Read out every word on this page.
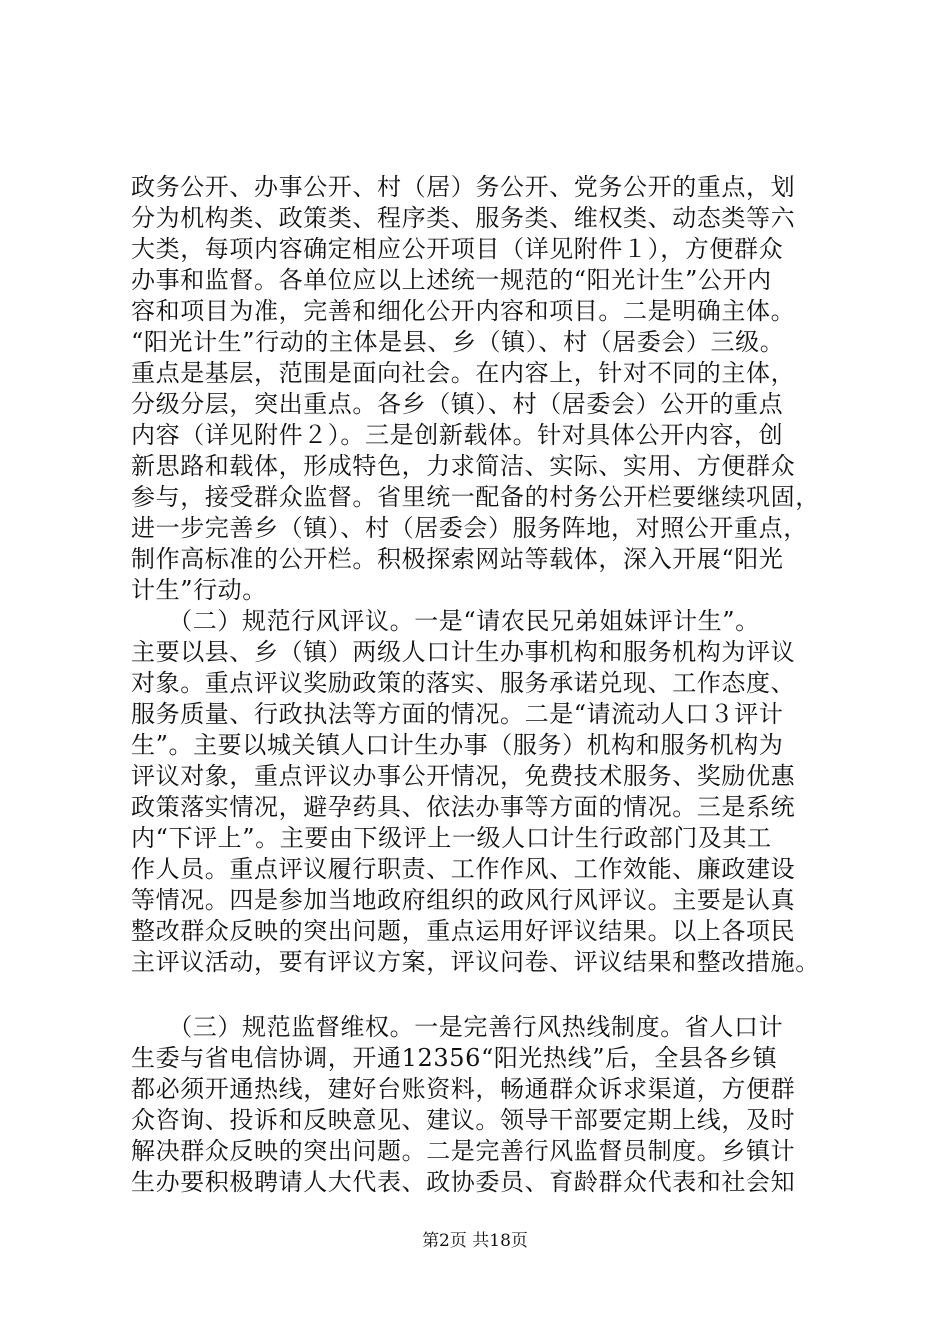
政务公开、办事公开、村（居）务公开、党务公开的重点，划
分为机构类、政策类、程序类、服务类、维权类、动态类等六
大类，每项内容确定相应公开项目（详见附件１），方便群众
办事和监督。各单位应以上述统一规范的“阳光计生”公开内
容和项目为准，完善和细化公开内容和项目。二是明确主体。
“阳光计生”行动的主体是县、乡（镇）、村（居委会）三级。
重点是基层，范围是面向社会。在内容上，针对不同的主体，
分级分层，突出重点。各乡（镇）、村（居委会）公开的重点
内容（详见附件２）。三是创新载体。针对具体公开内容，创
新思路和载体，形成特色，力求简洁、实际、实用、方便群众
参与，接受群众监督。省里统一配备的村务公开栏要继续巩固，
进一步完善乡（镇）、村（居委会）服务阵地，对照公开重点，
制作高标准的公开栏。积极探索网站等载体，深入开展“阳光
计生”行动。
　　（二）规范行风评议。一是“请农民兄弟姐妹评计生”。
主要以县、乡（镇）两级人口计生办事机构和服务机构为评议
对象。重点评议奖励政策的落实、服务承诺兑现、工作态度、
服务质量、行政执法等方面的情况。二是“请流动人口３评计
生”。主要以城关镇人口计生办事（服务）机构和服务机构为
评议对象，重点评议办事公开情况，免费技术服务、奖励优惠
政策落实情况，避孕药具、依法办事等方面的情况。三是系统
内“下评上”。主要由下级评上一级人口计生行政部门及其工
作人员。重点评议履行职责、工作作风、工作效能、廉政建设
等情况。四是参加当地政府组织的政风行风评议。主要是认真
整改群众反映的突出问题，重点运用好评议结果。以上各项民
主评议活动，要有评议方案，评议问卷、评议结果和整改措施。
　　（三）规范监督维权。一是完善行风热线制度。省人口计
生委与省电信协调，开通12356“阳光热线”后，全县各乡镇
都必须开通热线，建好台账资料，畅通群众诉求渠道，方便群
众咨询、投诉和反映意见、建议。领导干部要定期上线，及时
解决群众反映的突出问题。二是完善行风监督员制度。乡镇计
生办要积极聘请人大代表、政协委员、育龄群众代表和社会知
第2页 共18页
